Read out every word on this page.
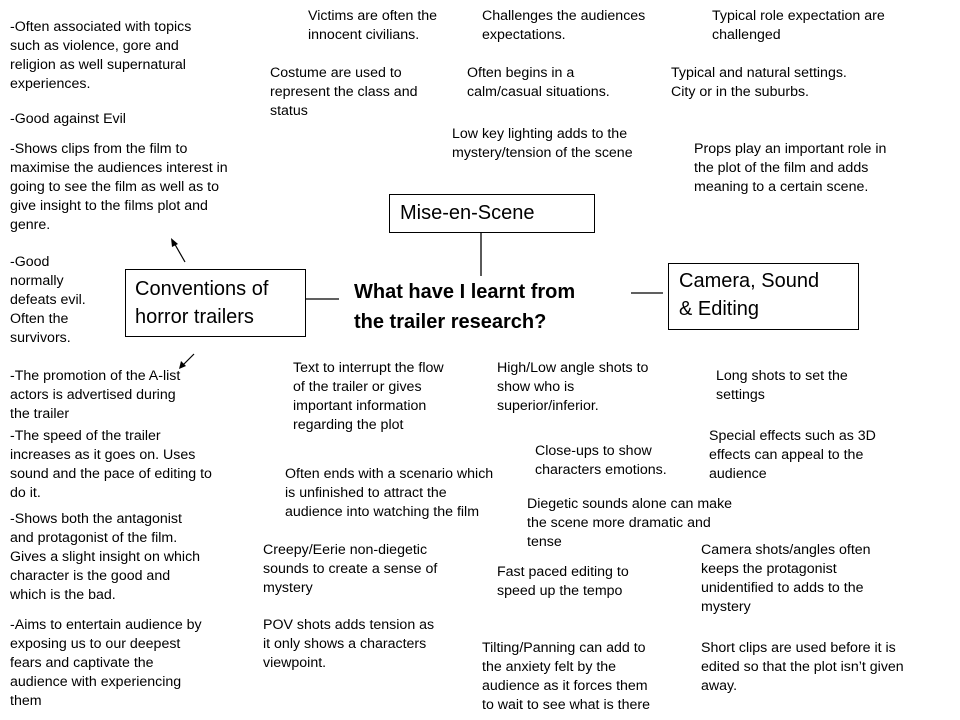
What have I learnt from
the trailer research?
Mise-en-Scene
Conventions of
horror trailers
Camera, Sound
& Editing
-Often associated with topics
such as violence, gore and
religion as well supernatural
experiences.
-Good against Evil
-Shows clips from the film to
maximise the audiences interest in
going to see the film as well as to
give insight to the films plot and
genre.
-Good
normally
defeats evil.
Often the
survivors.
-The promotion of the A-list
actors is advertised during
the trailer
-The speed of the trailer
increases as it goes on. Uses
sound and the pace of editing to
do it.
-Shows both the antagonist
and protagonist of the film.
Gives a slight insight on which
character is the good and
which is the bad.
-Aims to entertain audience by
exposing us to our deepest
fears and captivate the
audience with experiencing
them
Victims are often the
innocent civilians.
Challenges the audiences
expectations.
Typical role expectation are
challenged
Costume are used to
represent the class and
status
Often begins in a
calm/casual situations.
Typical and natural settings.
City or in the suburbs.
Low key lighting adds to the
mystery/tension of the scene	Props play an important role in
the plot of the film and adds
meaning to a certain scene.
Text to interrupt the flow
of the trailer or gives
important information
regarding the plot
High/Low angle shots to
show who is
superior/inferior.
Long shots to set the
settings
Close-ups to show
characters emotions.
Special effects such as 3D
effects can appeal to the
audience
Often ends with a scenario which
is unfinished to attract the
audience into watching the film	Diegetic sounds alone can make
the scene more dramatic and
tense
Creepy/Eerie non-diegetic
sounds to create a sense of
mystery
Fast paced editing to
speed up the tempo
Camera shots/angles often
keeps the protagonist
unidentified to adds to the
mystery
POV shots adds tension as
it only shows a characters
viewpoint.
Tilting/Panning can add to
the anxiety felt by the
audience as it forces them
to wait to see what is there
Short clips are used before it is
edited so that the plot isn’t given
away.
